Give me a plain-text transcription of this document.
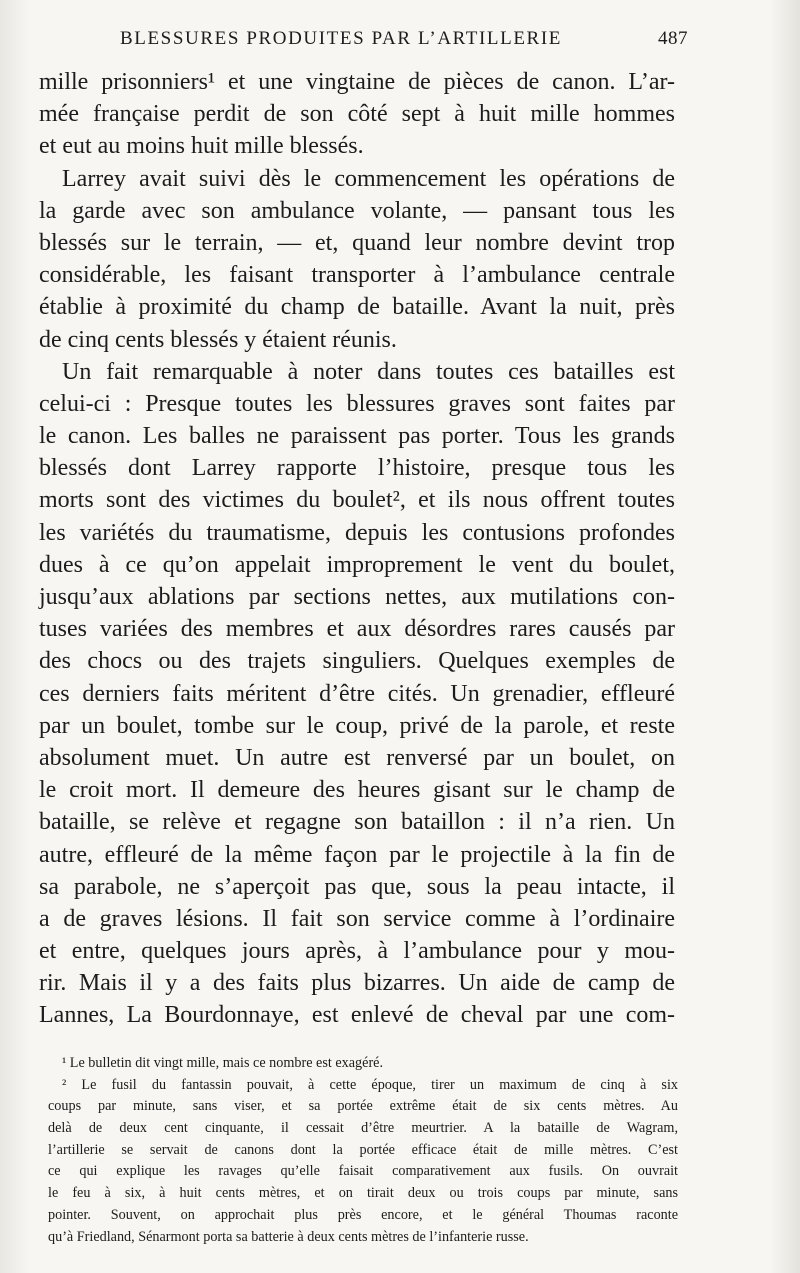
BLESSURES PRODUITES PAR L’ARTILLERIE	487
mille prisonniers¹ et une vingtaine de pièces de canon. L’ar-
mée française perdit de son côté sept à huit mille hommes
et eut au moins huit mille blessés.
Larrey avait suivi dès le commencement les opérations de
la garde avec son ambulance volante, — pansant tous les
blessés sur le terrain, — et, quand leur nombre devint trop
considérable, les faisant transporter à l’ambulance centrale
établie à proximité du champ de bataille. Avant la nuit, près
de cinq cents blessés y étaient réunis.
Un fait remarquable à noter dans toutes ces batailles est
celui-ci : Presque toutes les blessures graves sont faites par
le canon. Les balles ne paraissent pas porter. Tous les grands
blessés dont Larrey rapporte l’histoire, presque tous les
morts sont des victimes du boulet², et ils nous offrent toutes
les variétés du traumatisme, depuis les contusions profondes
dues à ce qu’on appelait improprement le vent du boulet,
jusqu’aux ablations par sections nettes, aux mutilations con-
tuses variées des membres et aux désordres rares causés par
des chocs ou des trajets singuliers. Quelques exemples de
ces derniers faits méritent d’être cités. Un grenadier, effleuré
par un boulet, tombe sur le coup, privé de la parole, et reste
absolument muet. Un autre est renversé par un boulet, on
le croit mort. Il demeure des heures gisant sur le champ de
bataille, se relève et regagne son bataillon : il n’a rien. Un
autre, effleuré de la même façon par le projectile à la fin de
sa parabole, ne s’aperçoit pas que, sous la peau intacte, il
a de graves lésions. Il fait son service comme à l’ordinaire
et entre, quelques jours après, à l’ambulance pour y mou-
rir. Mais il y a des faits plus bizarres. Un aide de camp de
Lannes, La Bourdonnaye, est enlevé de cheval par une com-
¹ Le bulletin dit vingt mille, mais ce nombre est exagéré.
² Le fusil du fantassin pouvait, à cette époque, tirer un maximum de cinq à six
coups par minute, sans viser, et sa portée extrême était de six cents mètres. Au
delà de deux cent cinquante, il cessait d’être meurtrier. A la bataille de Wagram,
l’artillerie se servait de canons dont la portée efficace était de mille mètres. C’est
ce qui explique les ravages qu’elle faisait comparativement aux fusils. On ouvrait
le feu à six, à huit cents mètres, et on tirait deux ou trois coups par minute, sans
pointer. Souvent, on approchait plus près encore, et le général Thoumas raconte
qu’à Friedland, Sénarmont porta sa batterie à deux cents mètres de l’infanterie russe.
